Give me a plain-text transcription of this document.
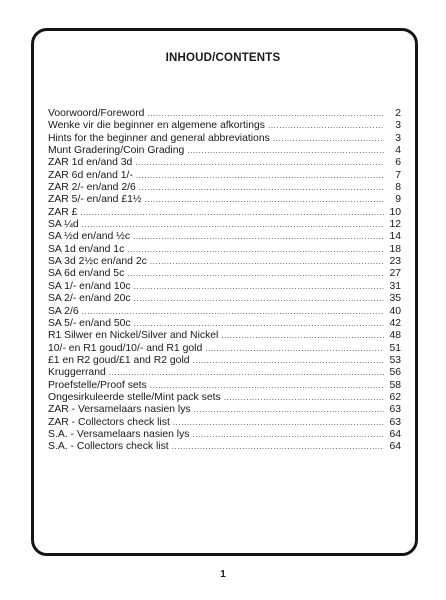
INHOUD/CONTENTS
Voorwoord/Foreword .....	2
Wenke vir die beginner en algemene afkortings .....	3
Hints for the beginner and general abbreviations .....	3
Munt Gradering/Coin Grading .....	4
ZAR 1d en/and 3d .....	6
ZAR 6d en/and 1/- .....	7
ZAR 2/- en/and 2/6 .....	8
ZAR 5/- en/and £1½ .....	9
ZAR £ .....	10
SA ¼d .....	12
SA ½d en/and ½c .....	14
SA 1d en/and 1c .....	18
SA 3d 2½c en/and 2c .....	23
SA 6d en/and 5c .....	27
SA 1/- en/and 10c .....	31
SA 2/- en/and 20c .....	35
SA 2/6 .....	40
SA 5/- en/and 50c .....	42
R1 Silwer en Nickel/Silver and Nickel .....	48
10/- en R1 goud/10/- and R1 gold .....	51
£1 en R2 goud/£1 and R2 gold .....	53
Kruggerrand .....	56
Proefstelle/Proof sets .....	58
Ongesirkuleerde stelle/Mint pack sets .....	62
ZAR - Versamelaars nasien lys .....	63
ZAR - Collectors check list .....	63
S.A. - Versamelaars nasien lys .....	64
S.A. - Collectors check list .....	64
1
